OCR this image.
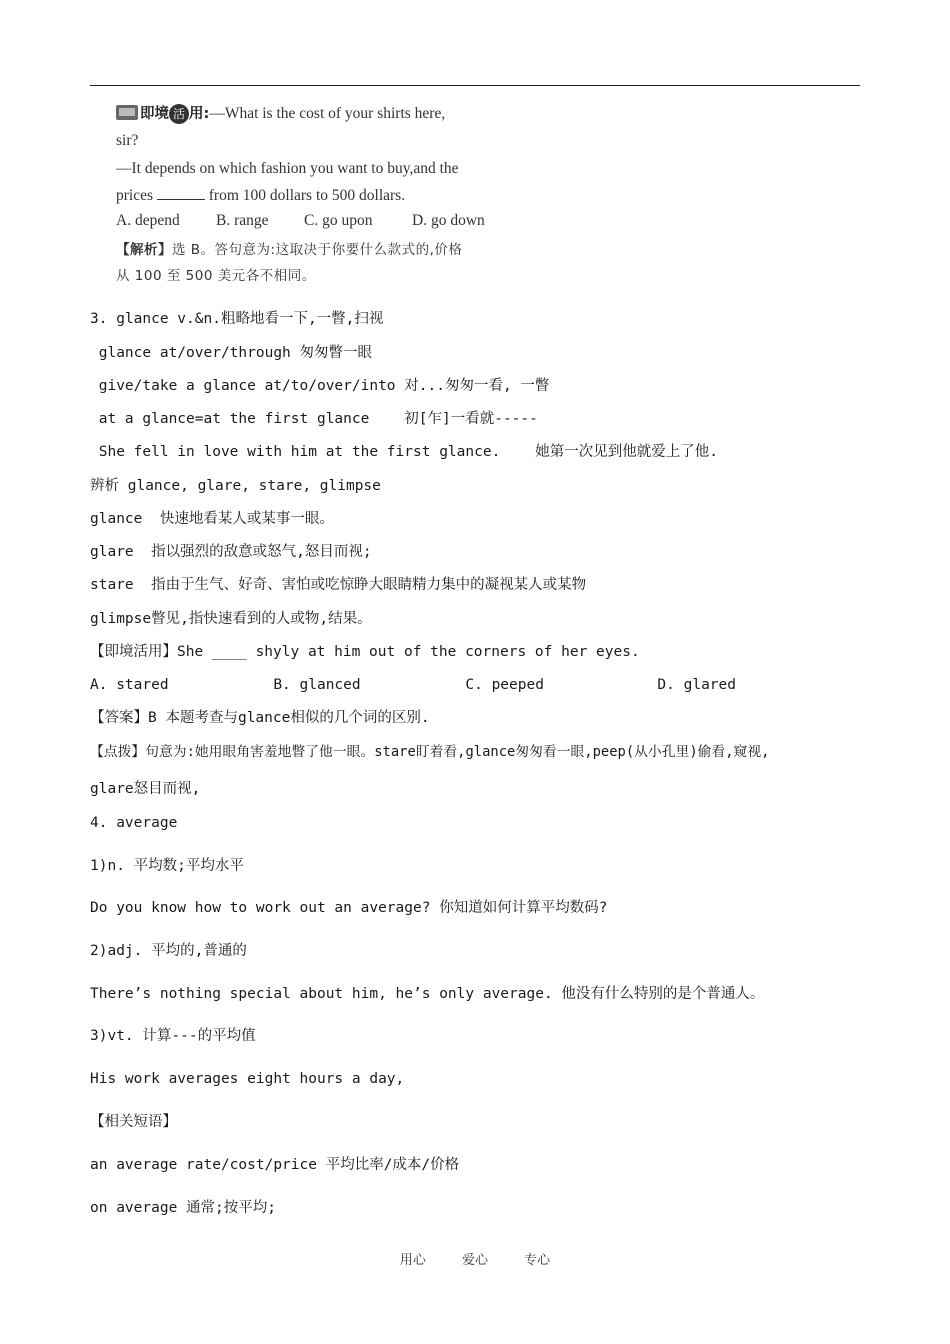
即境 活 用:—What is the cost of your shirts here,
sir?
—It depends on which fashion you want to buy,and the
prices	from 100 dollars to 500 dollars.
A. depend B. range C. go upon	D. go down
【解析】选 B。答句意为:这取决于你要什么款式的,价格
从 100 至 500 美元各不相同。
3. glance v.&n.粗略地看一下,一瞥,扫视
glance at/over/through 匆匆瞥一眼
give/take a glance at/to/over/into 对...匆匆一看, 一瞥
at a glance=at the first glance    初[乍]一看就-----
She fell in love with him at the first glance.    她第一次见到他就爱上了他.
辨析 glance, glare, stare, glimpse
glance  快速地看某人或某事一眼。
glare  指以强烈的敌意或怒气,怒目而视;
stare  指由于生气、好奇、害怕或吃惊睁大眼睛精力集中的凝视某人或某物
glimpse瞥见,指快速看到的人或物,结果。
【即境活用】She ____ shyly at him out of the corners of her eyes.
A. stared            B. glanced            C. peeped             D. glared
【答案】B 本题考查与glance相似的几个词的区别.
【点拨】句意为:她用眼角害羞地瞥了他一眼。stare盯着看,glance匆匆看一眼,peep(从小孔里)偷看,窥视,
glare怒目而视,
4. average
1)n. 平均数;平均水平
Do you know how to work out an average? 你知道如何计算平均数码?
2)adj. 平均的,普通的
There’s nothing special about him, he’s only average. 他没有什么特别的是个普通人。
3)vt. 计算---的平均值
His work averages eight hours a day,
【相关短语】
an average rate/cost/price 平均比率/成本/价格
on average 通常;按平均;
用心	爱心	专心
